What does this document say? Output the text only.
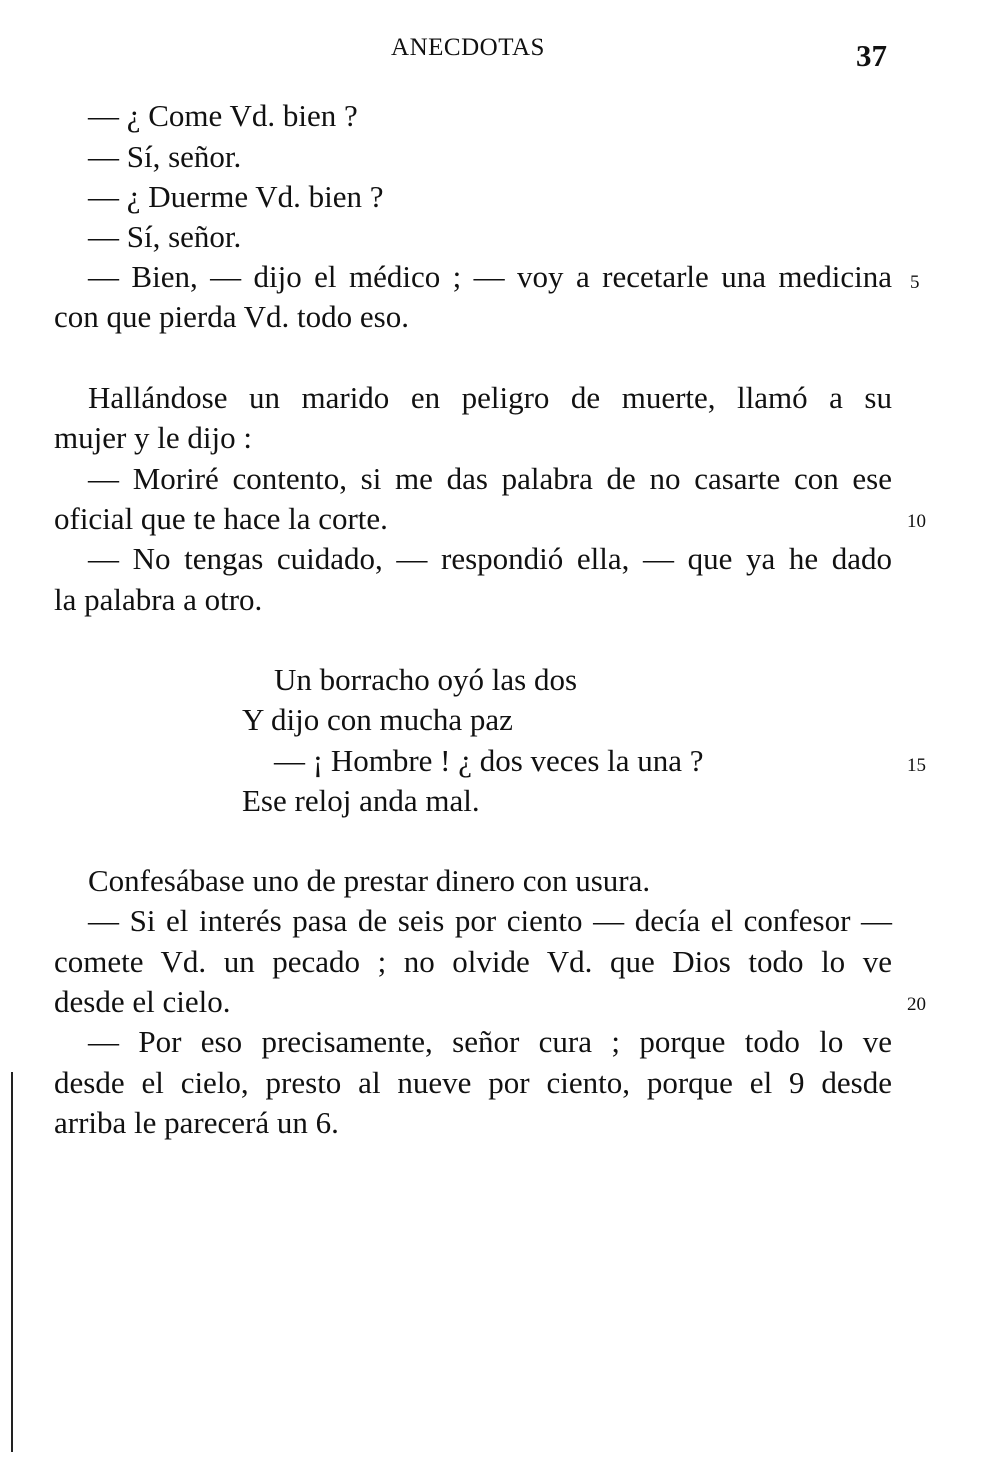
ANECDOTAS	37
— ¿ Come Vd. bien ?
— Sí, señor.
— ¿ Duerme Vd. bien ?
— Sí, señor.
— Bien, — dijo el médico ; — voy a recetarle una medicina
con que pierda Vd. todo eso.
Hallándose un marido en peligro de muerte, llamó a su
mujer y le dijo :
— Moriré contento, si me das palabra de no casarte con ese
oficial que te hace la corte.
— No tengas cuidado, — respondió ella, — que ya he dado
la palabra a otro.
Un borracho oyó las dos
Y dijo con mucha paz
— ¡ Hombre ! ¿ dos veces la una ?
Ese reloj anda mal.
Confesábase uno de prestar dinero con usura.
— Si el interés pasa de seis por ciento — decía el confesor —
comete Vd. un pecado ; no olvide Vd. que Dios todo lo ve
desde el cielo.
— Por eso precisamente, señor cura ; porque todo lo ve
desde el cielo, presto al nueve por ciento, porque el 9 desde
arriba le parecerá un 6.
5
10
15
20
